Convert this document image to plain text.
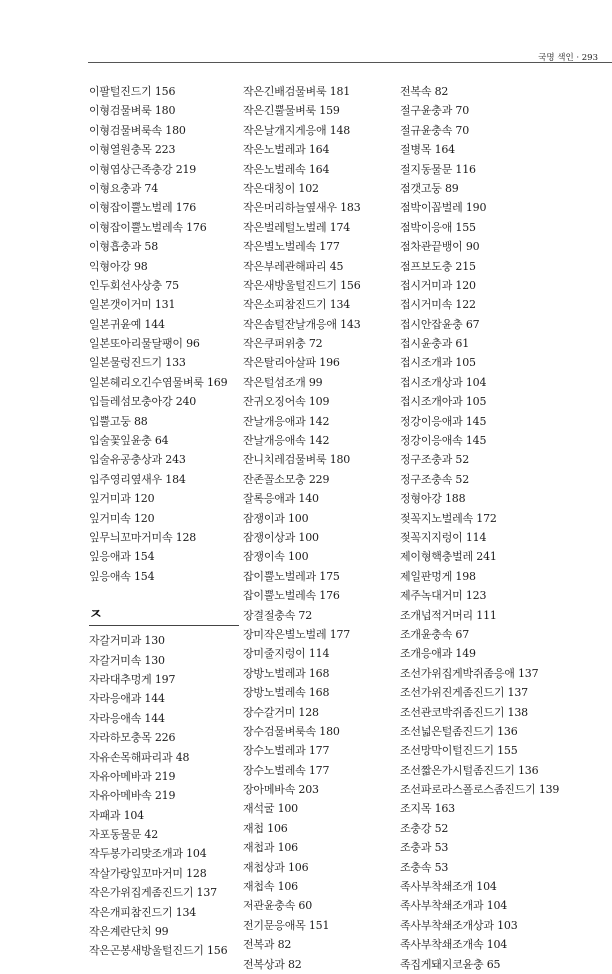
국명 색인 · 293
이팔털진드기 156
이형검물벼룩 180
이형검물벼룩속 180
이형열원충목 223
이형엽상근족충강 219
이형요충과 74
이형잡이뿔노벌레 176
이형잡이뿔노벌레속 176
이형흡충과 58
익형아강 98
인두회선사상충 75
일본갯이거미 131
일본귀윤예 144
일본또아리물달팽이 96
일본물렁진드기 133
일본헤리오긴수염물벼룩 169
입들레섬모충아강 240
입뿔고둥 88
입술꽃잎윤충 64
입술유공충상과 243
입주영리옆새우 184
잎거미과 120
잎거미속 120
잎무늬꼬마거미속 128
잎응애과 154
잎응애속 154
ㅈ
자갈거미과 130
자갈거미속 130
자라대추멍게 197
자라응애과 144
자라응애속 144
자라하모충목 226
자유손목해파리과 48
자유아메바과 219
자유아메바속 219
자패과 104
자포동물문 42
작두봉가리맞조개과 104
작살가랑잎꼬마거미 128
작은가위집게좀진드기 137
작은개피참진드기 134
작은계란단치 99
작은곤봉새방울털진드기 156
작은긴배검물벼룩 181
작은긴뿔물벼룩 159
작은날개지게응애 148
작은노벌레과 164
작은노벌레속 164
작은대칭이 102
작은머리하늘옆새우 183
작은벌레털노벌레 174
작은별노벌레속 177
작은부레관해파리 45
작은새방울털진드기 156
작은소피참진드기 134
작은솜털잔날개응애 143
작은쿠퍼위충 72
작은탈리아살파 196
작은털섬조개 99
잔귀오징어속 109
잔날개응애과 142
잔날개응애속 142
잔니치레검물벼룩 180
잔존꼴소모충 229
잘록응애과 140
잠쟁이과 100
잠쟁이상과 100
잠쟁이속 100
잡이뿔노벌레과 175
잡이뿔노벌레속 176
장결절충속 72
장미작은별노벌레 177
장미줄지렁이 114
장방노벌레과 168
장방노벌레속 168
장수갈거미 128
장수검물벼룩속 180
장수노벌레과 177
장수노벌레속 177
장아메바속 203
재석굴 100
재첩 106
재첩과 106
재첩상과 106
재첩속 106
저관윤충속 60
전기문응애목 151
전복과 82
전복상과 82
전복속 82
절구윤충과 70
절규윤충속 70
절병목 164
절지동물문 116
점갯고둥 89
점박이꼽벌레 190
점박이응애 155
점차관끝뱅이 90
점프보도충 215
접시거미과 120
접시거미속 122
접시안잡윤충 67
접시윤충과 61
접시조개과 105
접시조개상과 104
접시조개아과 105
정강이응애과 145
정강이응애속 145
정구조충과 52
정구조충속 52
정형아강 188
젖꼭지노벌레속 172
젖꼭지지렁이 114
제이형핵충벌레 241
제일판멍게 198
제주녹대거미 123
조개넙적거머리 111
조개윤충속 67
조개응애과 149
조선가위집게박쥐좀응애 137
조선가위진게좀진드기 137
조선관코박쥐좀진드기 138
조선넓은털좀진드기 136
조선망막이털진드기 155
조선짧은가시털좀진드기 136
조선파로라스폴로스좀진드기 139
조지목 163
조충강 52
조충과 53
조충속 53
족사부착쇄조개 104
족사부착쇄조개과 104
족사부착쇄조개상과 103
족사부착쇄조개속 104
족집게돼지코윤충 65
